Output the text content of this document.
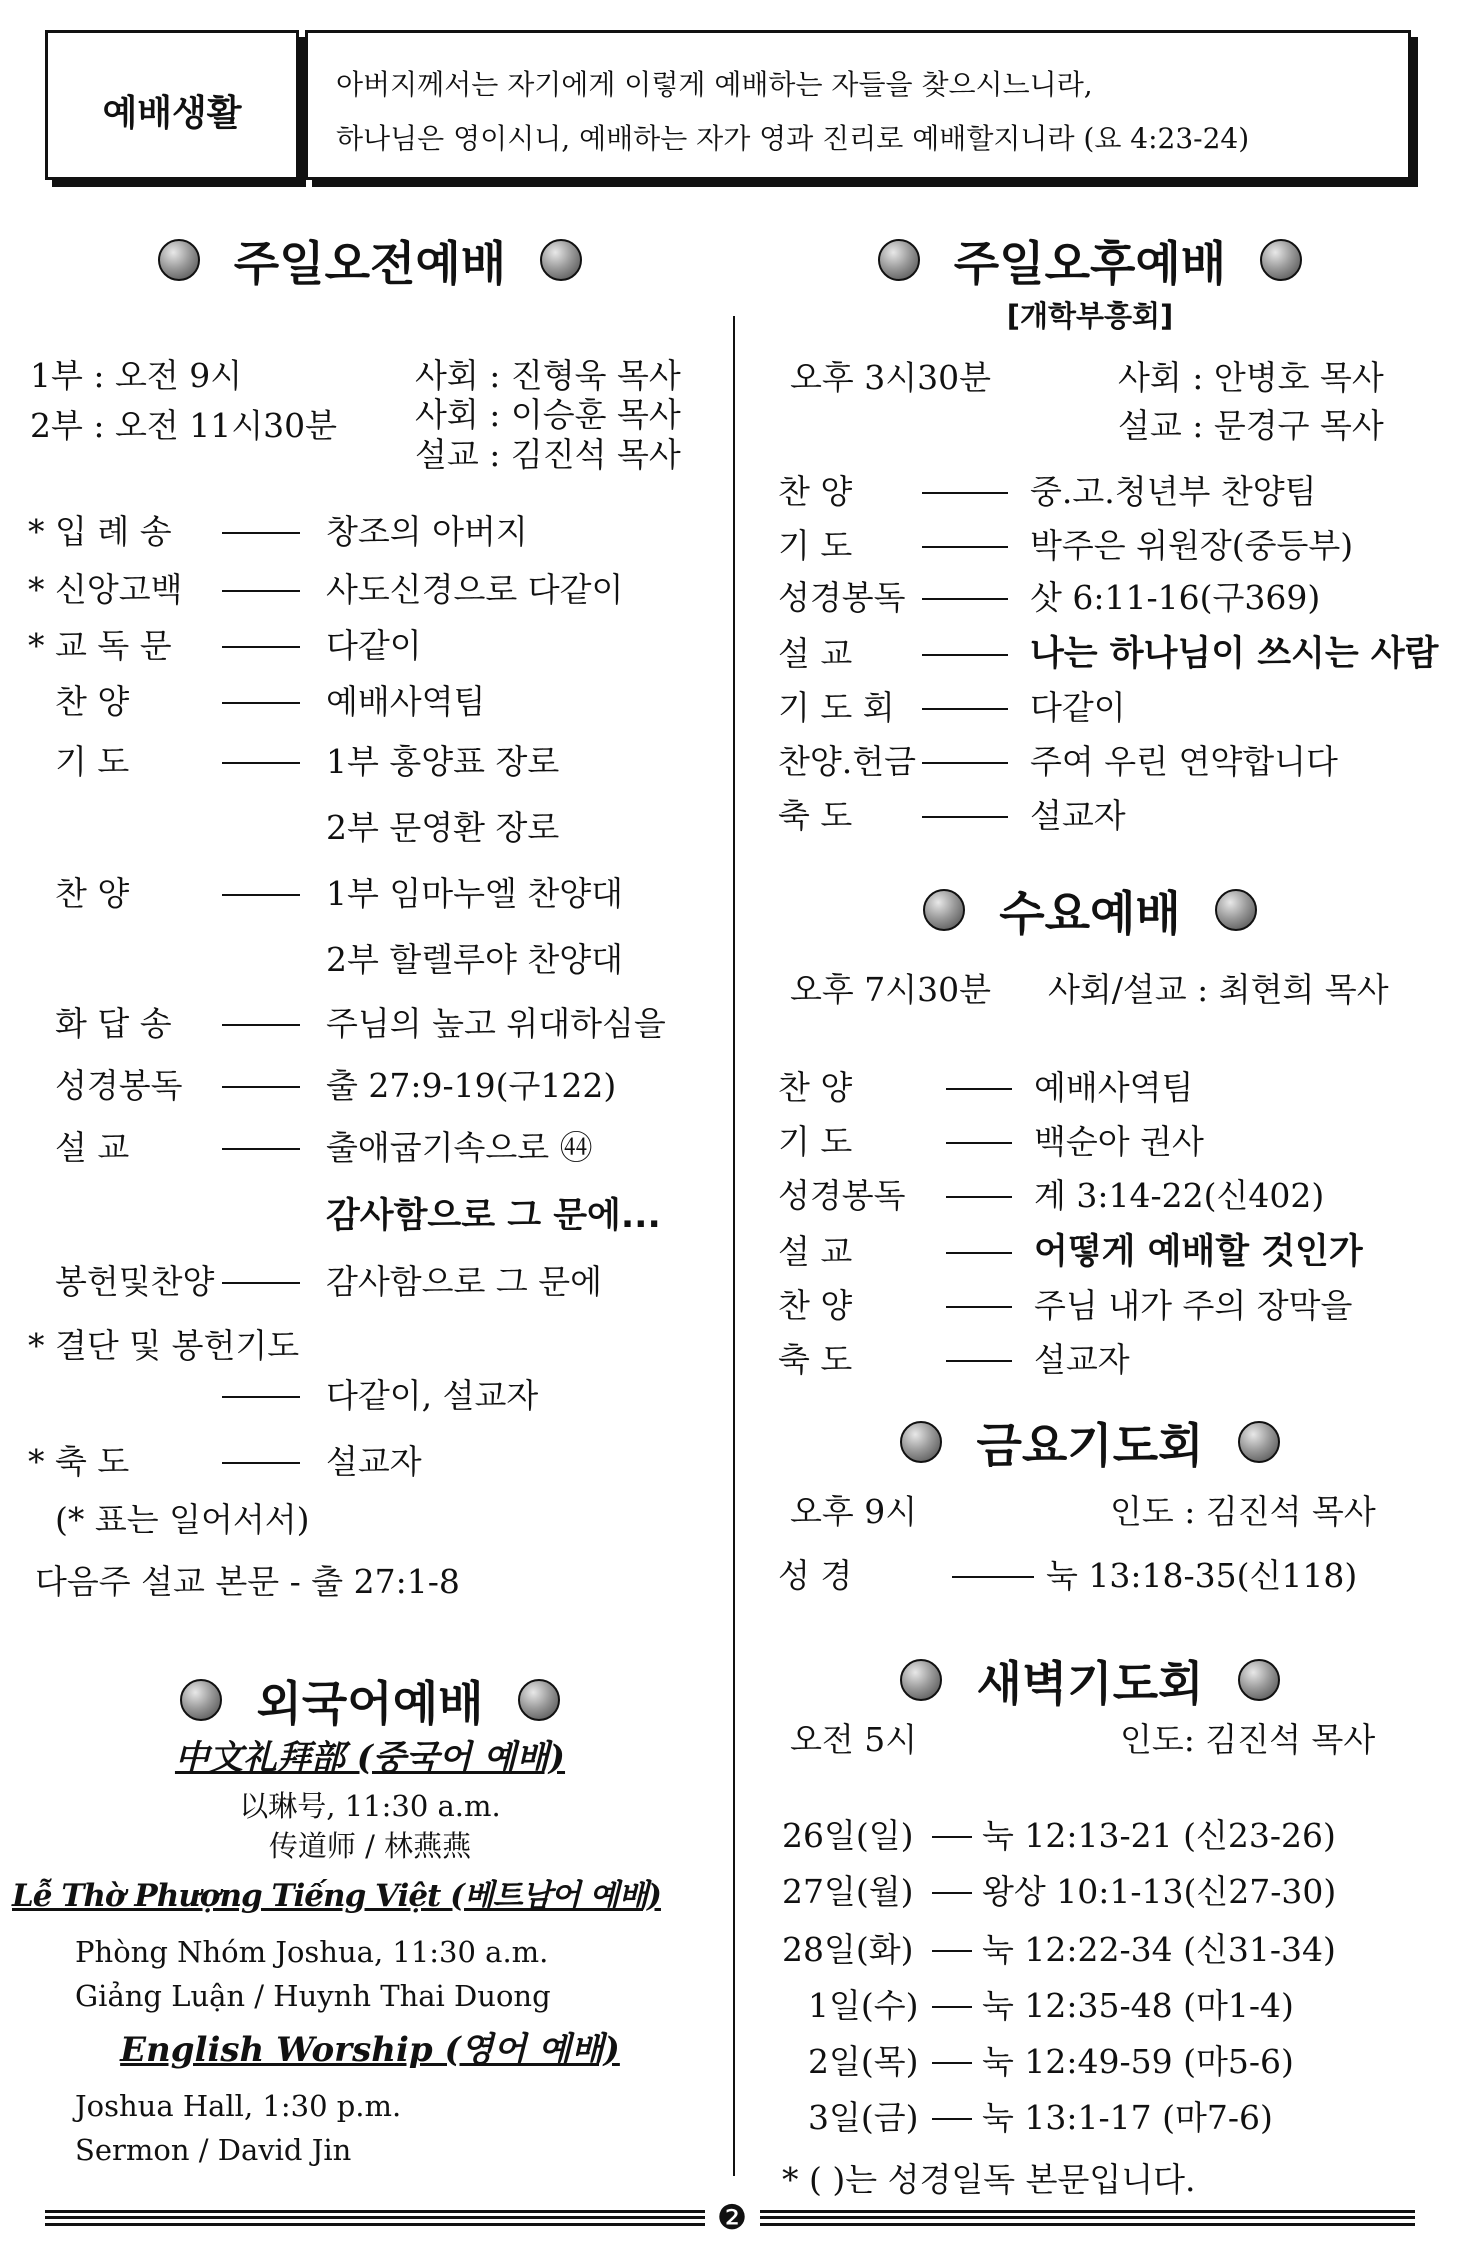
예배생활
아버지께서는 자기에게 이렇게 예배하는 자들을 찾으시느니라,
하나님은 영이시니, 예배하는 자가 영과 진리로 예배할지니라 (요 4:23-24)
주일오전예배
1부 : 오전 9시	사회 : 진형욱 목사
2부 : 오전 11시30분 사회 : 이승훈 목사
설교 : 김진석 목사
* 입 례 송	창조의 아버지
* 신앙고백	사도신경으로 다같이
* 교 독 문	다같이
찬 양	예배사역팀
기 도	1부 홍양표 장로
2부 문영환 장로
찬 양	1부 임마누엘 찬양대
2부 할렐루야 찬양대
화 답 송	주님의 높고 위대하심을
성경봉독	출 27:9-19(구122)
설 교	출애굽기속으로 ㊹
감사함으로 그 문에...
봉헌및찬양	감사함으로 그 문에
* 결단 및 봉헌기도
다같이, 설교자
* 축 도	설교자
(* 표는 일어서서)
다음주 설교 본문 - 출 27:1-8
외국어예배
中文礼拜部 (중국어 예배)
以琳号, 11:30 a.m.
传道师 / 林燕燕
Lễ Thờ Phượng Tiếng Việt (베트남어 예배)
Phòng Nhóm Joshua, 11:30 a.m.
Giảng Luận / Huynh Thai Duong
English Worship (영어 예배)
Joshua Hall, 1:30 p.m.
Sermon / David Jin
주일오후예배
[개학부흥회]
오후 3시30분	사회 : 안병호 목사
설교 : 문경구 목사
찬 양	중.고.청년부 찬양팀
기 도	박주은 위원장(중등부)
성경봉독	삿 6:11-16(구369)
설 교	나는 하나님이 쓰시는 사람
기 도 회	다같이
찬양.헌금	주여 우린 연약합니다
축 도	설교자
수요예배
오후 7시30분 사회/설교 : 최현희 목사
찬 양	예배사역팀
기 도	백순아 권사
성경봉독	계 3:14-22(신402)
설 교	어떻게 예배할 것인가
찬 양	주님 내가 주의 장막을
축 도	설교자
금요기도회
오후 9시	인도 : 김진석 목사
성 경	눅 13:18-35(신118)
새벽기도회
오전 5시	인도: 김진석 목사
26일(일) 눅 12:13-21 (신23-26)
27일(월) 왕상 10:1-13(신27-30)
28일(화) 눅 12:22-34 (신31-34)
1일(수) 눅 12:35-48 (마1-4)
2일(목) 눅 12:49-59 (마5-6)
3일(금) 눅 13:1-17 (마7-6)
* ( )는 성경일독 본문입니다.
❷
